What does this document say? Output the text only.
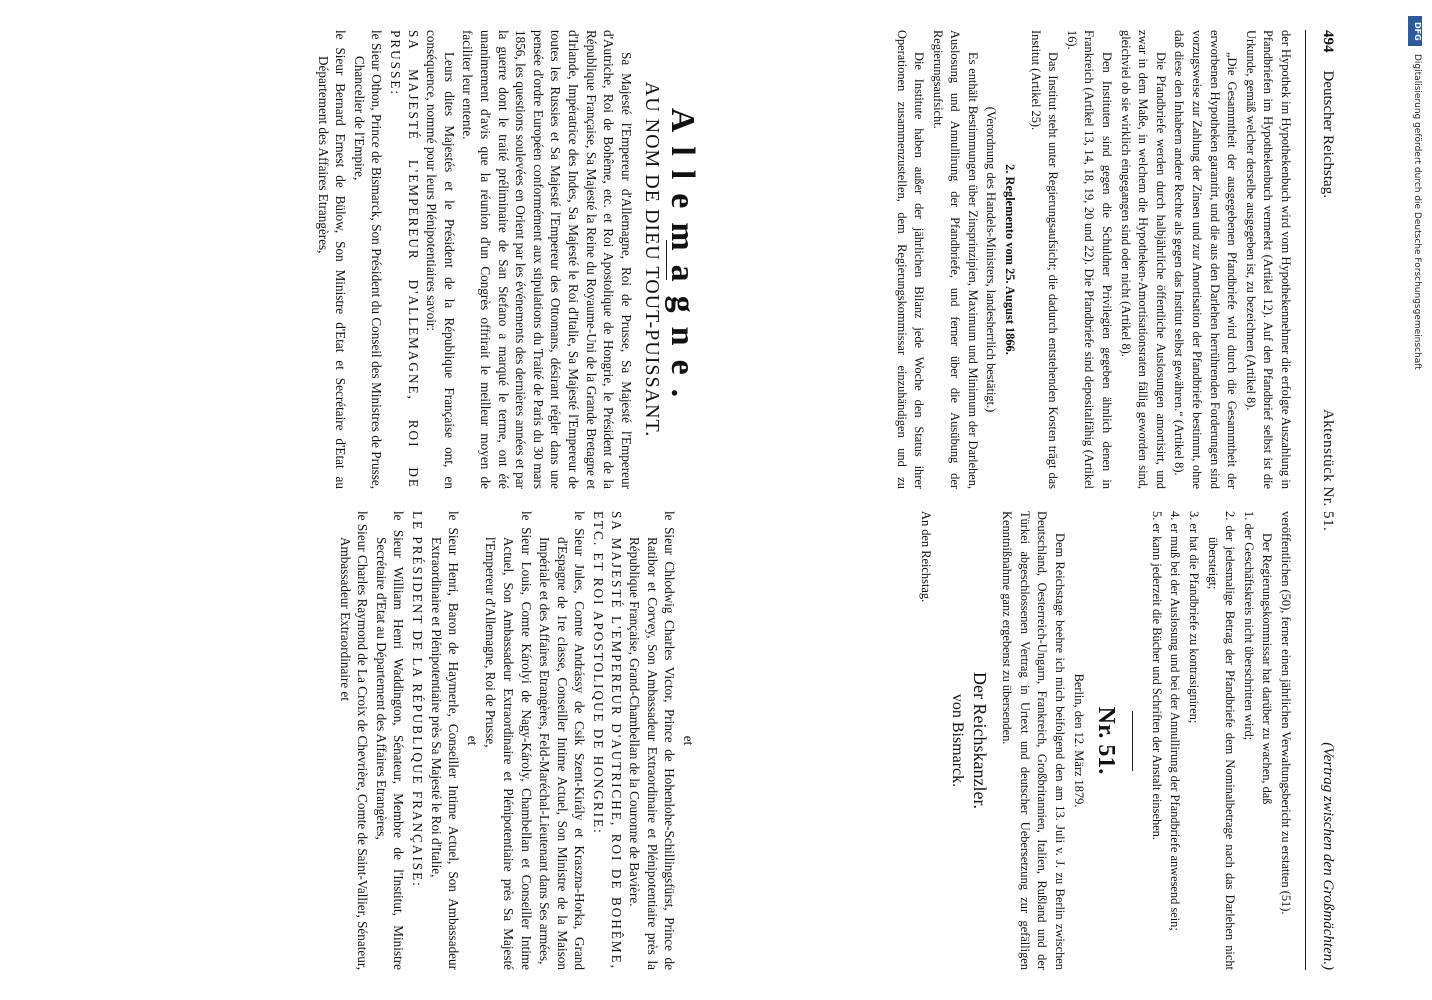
494
Deutscher Reichstag.
Aktenstück Nr. 51.
(Vertrag zwischen den Großmächten.)

der Hypothek im Hypothekenbuch wird vom Hypothekennehmer die erfolgte Auszahlung in Pfandbriefen im Hypothekenbuch vermerkt (Artikel 12). Auf den Pfandbrief selbst ist die Urkunde, gemäß welcher derselbe ausgegeben ist, zu bezeichnen (Artikel 8).

„Die Gesammtheit der ausgegebenen Pfandbriefe wird durch die Gesammtheit der erworbenen Hypotheken garantirt, und die aus den Darlehen herrührenden Forderungen sind vorzugsweise zur Zahlung der Zinsen und zur Amortisation der Pfandbriefe bestimmt, ohne daß diese den Inhabern andere Rechte als gegen das Institut selbst gewähren.“ (Artikel 8).

Die Pfandbriefe werden durch halbjährliche öffentliche Auslosungen amortisirt, und zwar in dem Maße, in welchem die Hypotheken-Amortisationsraten fällig geworden sind, gleichviel ob sie wirklich eingegangen sind oder nicht (Artikel 8).

Den Instituten sind gegen die Schuldner Privilegien gegeben ähnlich denen in Frankreich (Artikel 13, 14, 18, 19, 20 und 22). Die Pfandbriefe sind depositalfähig (Artikel 16).

Das Institut steht unter Regierungsaufsicht; die dadurch entstehenden Kosten trägt das Institut (Artikel 25).

2. Reglemento vom 25. August 1866.

(Verordnung des Handels-Ministers, landesherrlich bestätigt.)

Es enthält Bestimmungen über Zinsprinzipien, Maximum und Minimum der Darlehen, Auslosung und Annullirung der Pfandbriefe, und ferner über die Ausübung der Regierungsaufsicht.

Die Institute haben außer der jährlichen Bilanz jede Woche den Status ihrer Operationen zusammenzustellen, dem Regierungskommissar einzuhändigen und zu veröffentlichen (50), ferner einen jährlichen Verwaltungsbericht zu erstatten (51).

Der Regierungskommissar hat darüber zu wachen, daß

1. der Geschäftskreis nicht überschritten wird;

2. der jedesmalige Betrag der Pfandbriefe dem Nominalbetrage nach das Darlehen nicht übersteigt;

3. er hat die Pfandbriefe zu kontrasigniren;

4. er muß bei der Auslosung und bei der Annullirung der Pfandbriefe anwesend sein;

5. er kann jederzeit die Bücher und Schriften der Anstalt einsehen.

Nr. 51.

Berlin, den 12. März 1879.

Dem Reichstage beehre ich mich beifolgend den am 13. Juli v. J. zu Berlin zwischen Deutschland, Oesterreich-Ungarn, Frankreich, Großbritannien, Italien, Rußland und der Türkei abgeschlossenen Vertrag in Urtext und deutscher Uebersetzung zur gefälligen Kenntnißnahme ganz ergebenst zu übersenden.

Der Reichskanzler.
von Bismarck.

An den Reichstag.

Allemagne.
AU NOM DE DIEU TOUT-PUISSANT.

Sa Majesté l'Empereur d'Allemagne, Roi de Prusse, Sa Majesté l'Empereur d'Autriche, Roi de Bohême, etc. et Roi Apostolique de Hongrie, le Président de la République Française, Sa Majesté la Reine du Royaume-Uni de la Grande Bretagne et d'Irlande, Impératrice des Indes, Sa Majesté le Roi d'Italie, Sa Majesté l'Empereur de toutes les Russies et Sa Majesté l'Empereur des Ottomans, désirant régler dans une pensée d'ordre Européen conformément aux stipulations du Traité de Paris du 30 mars 1856, les questions soulevées en Orient par les événements des dernières années et par la guerre dont le traité préliminaire de San Stefano a marqué le terme, ont été unanimement d'avis que la réunion d'un Congrès offrirait le meilleur moyen de faciliter leur entente.

Leurs dites Majestés et le Président de la République Française ont, en conséquence, nommé pour leurs Plénipotentiaires savoir:

SA MAJESTÉ L'EMPEREUR D'ALLEMAGNE, ROI DE PRUSSE:

le Sieur Othon, Prince de Bismarck, Son Président du Conseil des Ministres de Prusse, Chancelier de l'Empire,

le Sieur Bernard Ernest de Bülow, Son Ministre d'Etat et Secrétaire d'Etat au Département des Affaires Etrangères,

et

le Sieur Chlodwig Charles Victor, Prince de Hohenlohe-Schillingsfürst, Prince de Ratibor et Corvey, Son Ambassadeur Extraordinaire et Plénipotentiaire près la République Française, Grand-Chambellan de la Couronne de Bavière.

SA MAJESTÉ L'EMPEREUR D'AUTRICHE, ROI DE BOHÊME, ETC. ET ROI APOSTOLIQUE DE HONGRIE:

le Sieur Jules, Comte Andrássy de Csik Szent-Király et Kraszna-Horka, Grand d'Espagne de 1re classe, Conseiller Intime Actuel, Son Ministre de la Maison Impériale et des Affaires Etrangères, Feld-Maréchal-Lieutenant dans Ses armées,

le Sieur Louis, Comte Károlyi de Nagy-Károly, Chambellan et Conseiller Intime Actuel, Son Ambassadeur Extraordinaire et Plénipotentiaire près Sa Majesté l'Empereur d'Allemagne, Roi de Prusse,

et

le Sieur Henri, Baron de Haymerle, Conseiller Intime Actuel, Son Ambassadeur Extraordinaire et Plénipotentiaire près Sa Majesté le Roi d'Italie,

LE PRÉSIDENT DE LA RÉPUBLIQUE FRANÇAISE:

le Sieur William Henri Waddington, Sénateur, Membre de l'Institut, Ministre Secrétaire d'Etat au Département des Affaires Etrangères,

le Sieur Charles Raymond de La Croix de Chevrière, Comte de Saint-Vallier, Sénateur, Ambassadeur Extraordinaire et

DFG
Digitalisierung gefördert durch die Deutsche Forschungsgemeinschaft
